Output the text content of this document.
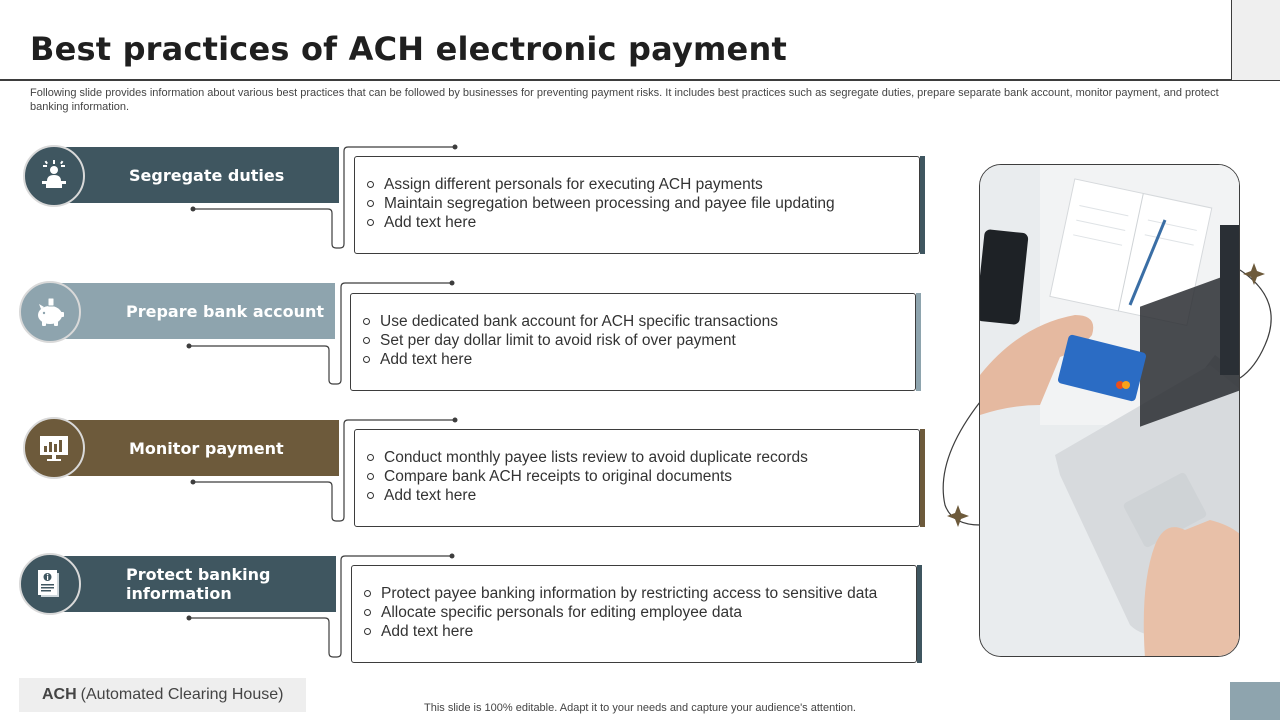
Best practices of ACH electronic payment
Following slide provides information about various best practices that can be followed by businesses for preventing payment risks. It includes best practices such as segregate duties, prepare separate bank account, monitor payment, and protect banking information.
Segregate duties	Assign different personals for executing ACH payments
Maintain segregation between processing and payee file updating
Add text here
Prepare bank account
Use dedicated bank account for ACH specific transactions
Set per day dollar limit to avoid risk of over payment
Add text here
Monitor payment	Conduct monthly payee lists review to avoid duplicate records
Compare bank ACH receipts to original documents
Add text here
Protect banking information	Protect payee banking information by restricting access to sensitive data
Allocate specific personals for editing employee data
Add text here
ACH (Automated Clearing House)
This slide is 100% editable. Adapt it to your needs and capture your audience's attention.
